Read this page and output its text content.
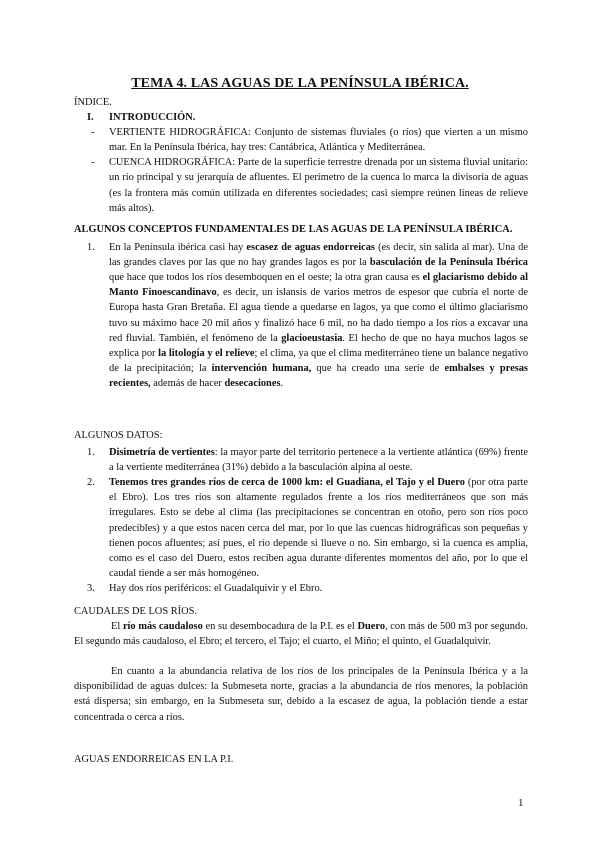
TEMA 4. LAS AGUAS DE LA PENÍNSULA IBÉRICA.
ÍNDICE.
I.	INTRODUCCIÓN.
-	VERTIENTE HIDROGRÁFICA: Conjunto de sistemas fluviales (o ríos) que vierten a un mismo mar. En la Península Ibérica, hay tres: Cantábrica, Atlántica y Mediterránea.
-	CUENCA HIDROGRÁFICA: Parte de la superficie terrestre drenada por un sistema fluvial unitario: un río principal y su jerarquía de afluentes. El perímetro de la cuenca lo marca la divisoria de aguas (es la frontera más común utilizada en diferentes sociedades; casi siempre reúnen líneas de relieve más altos).
ALGUNOS CONCEPTOS FUNDAMENTALES DE LAS AGUAS DE LA PENÍNSULA IBÉRICA.
1.	En la Península ibérica casi hay escasez de aguas endorreicas (es decir, sin salida al mar). Una de las grandes claves por las que no hay grandes lagos es por la basculación de la Península Ibérica que hace que todos los ríos desemboquen en el oeste; la otra gran causa es el glaciarismo debido al Manto Finoescandinavo, es decir, un islansis de varios metros de espesor que cubría el norte de Europa hasta Gran Bretaña. El agua tiende a quedarse en lagos, ya que como el último glaciarismo tuvo su máximo hace 20 mil años y finalizó hace 6 mil, no ha dado tiempo a los ríos a excavar una red fluvial. También, el fenómeno de la glacioeustasia. El hecho de que no haya muchos lagos se explica por la litología y el relieve; el clima, ya que el clima mediterráneo tiene un balance negativo de la precipitación; la intervención humana, que ha creado una serie de embalses y presas recientes, además de hacer desecaciones.
ALGUNOS DATOS:
1.	Disimetría de vertientes: la mayor parte del territorio pertenece a la vertiente atlántica (69%) frente a la vertiente mediterránea (31%) debido a la basculación alpina al oeste.
2.	Tenemos tres grandes ríos de cerca de 1000 km: el Guadiana, el Tajo y el Duero (por otra parte el Ebro). Los tres ríos son altamente regulados frente a los ríos mediterráneos que son más irregulares. Esto se debe al clima (las precipitaciones se concentran en otoño, pero son ríos poco predecibles) y a que estos nacen cerca del mar, por lo que las cuencas hidrográficas son pequeñas y tienen pocos afluentes; así pues, el río depende si llueve o no. Sin embargo, si la cuenca es amplia, como es el caso del Duero, estos reciben agua durante diferentes momentos del año, por lo que el caudal tiende a ser más homogéneo.
3.	Hay dos ríos periféricos: el Guadalquivir y el Ebro.
CAUDALES DE LOS RÍOS.
El río más caudaloso en su desembocadura de la P.I. es el Duero, con más de 500 m3 por segundo. El segundo más caudaloso, el Ebro; el tercero, el Tajo; el cuarto, el Miño; el quinto, el Guadalquivir.
En cuanto a la abundancia relativa de los ríos de los principales de la Península Ibérica y a la disponibilidad de aguas dulces: la Submeseta norte, gracias a la abundancia de ríos menores, la población está dispersa; sin embargo, en la Submeseta sur, debido a la escasez de agua, la población tiende a estar concentrada o cerca a ríos.
AGUAS ENDORREICAS EN LA P.I.
1
